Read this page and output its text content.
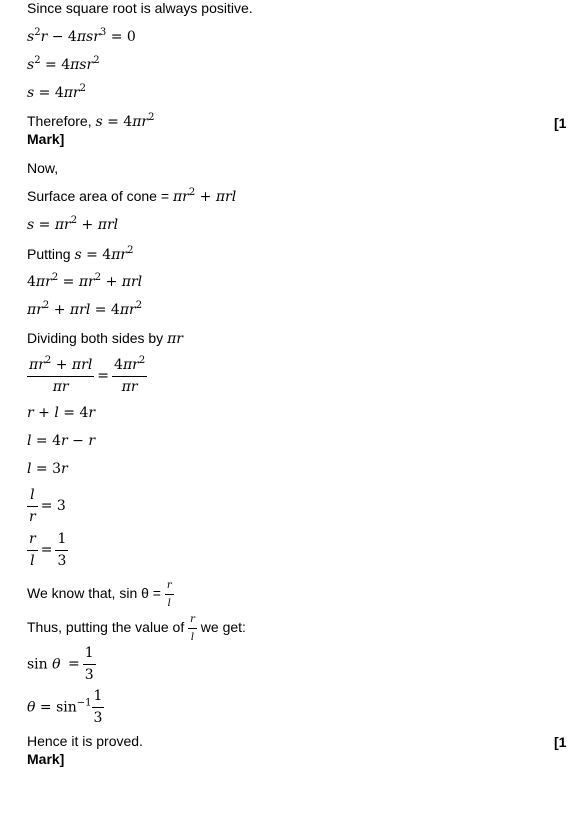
Since square root is always positive.
$s^2r - 4\pi sr^3 = 0$
$s^2 = 4\pi sr^2$
$s = 4\pi r^2$
Therefore, $s = 4\pi r^2$	[1
Mark]
Now,
Surface area of cone = $\pi r^2 + \pi rl$
$s = \pi r^2 + \pi rl$
Putting $s = 4\pi r^2$
$4\pi r^2 = \pi r^2 + \pi rl$
$\pi r^2 + \pi rl = 4\pi r^2$
Dividing both sides by πr
$\frac{\pi r^2 + \pi rl}{\pi r} = \frac{4\pi r^2}{\pi r}$
r + l = 4r
l = 4r − r
l = 3r
$\frac{l}{r} = 3$
$\frac{r}{l} = \frac{1}{3}$
We know that, $\sin \theta = \frac{r}{l}$
Thus, putting the value of $\frac{r}{l}$ we get:
$\sin \theta = \frac{1}{3}$
$\theta = \sin^{-1} \frac{1}{3}$
Hence it is proved.	[1
Mark]
